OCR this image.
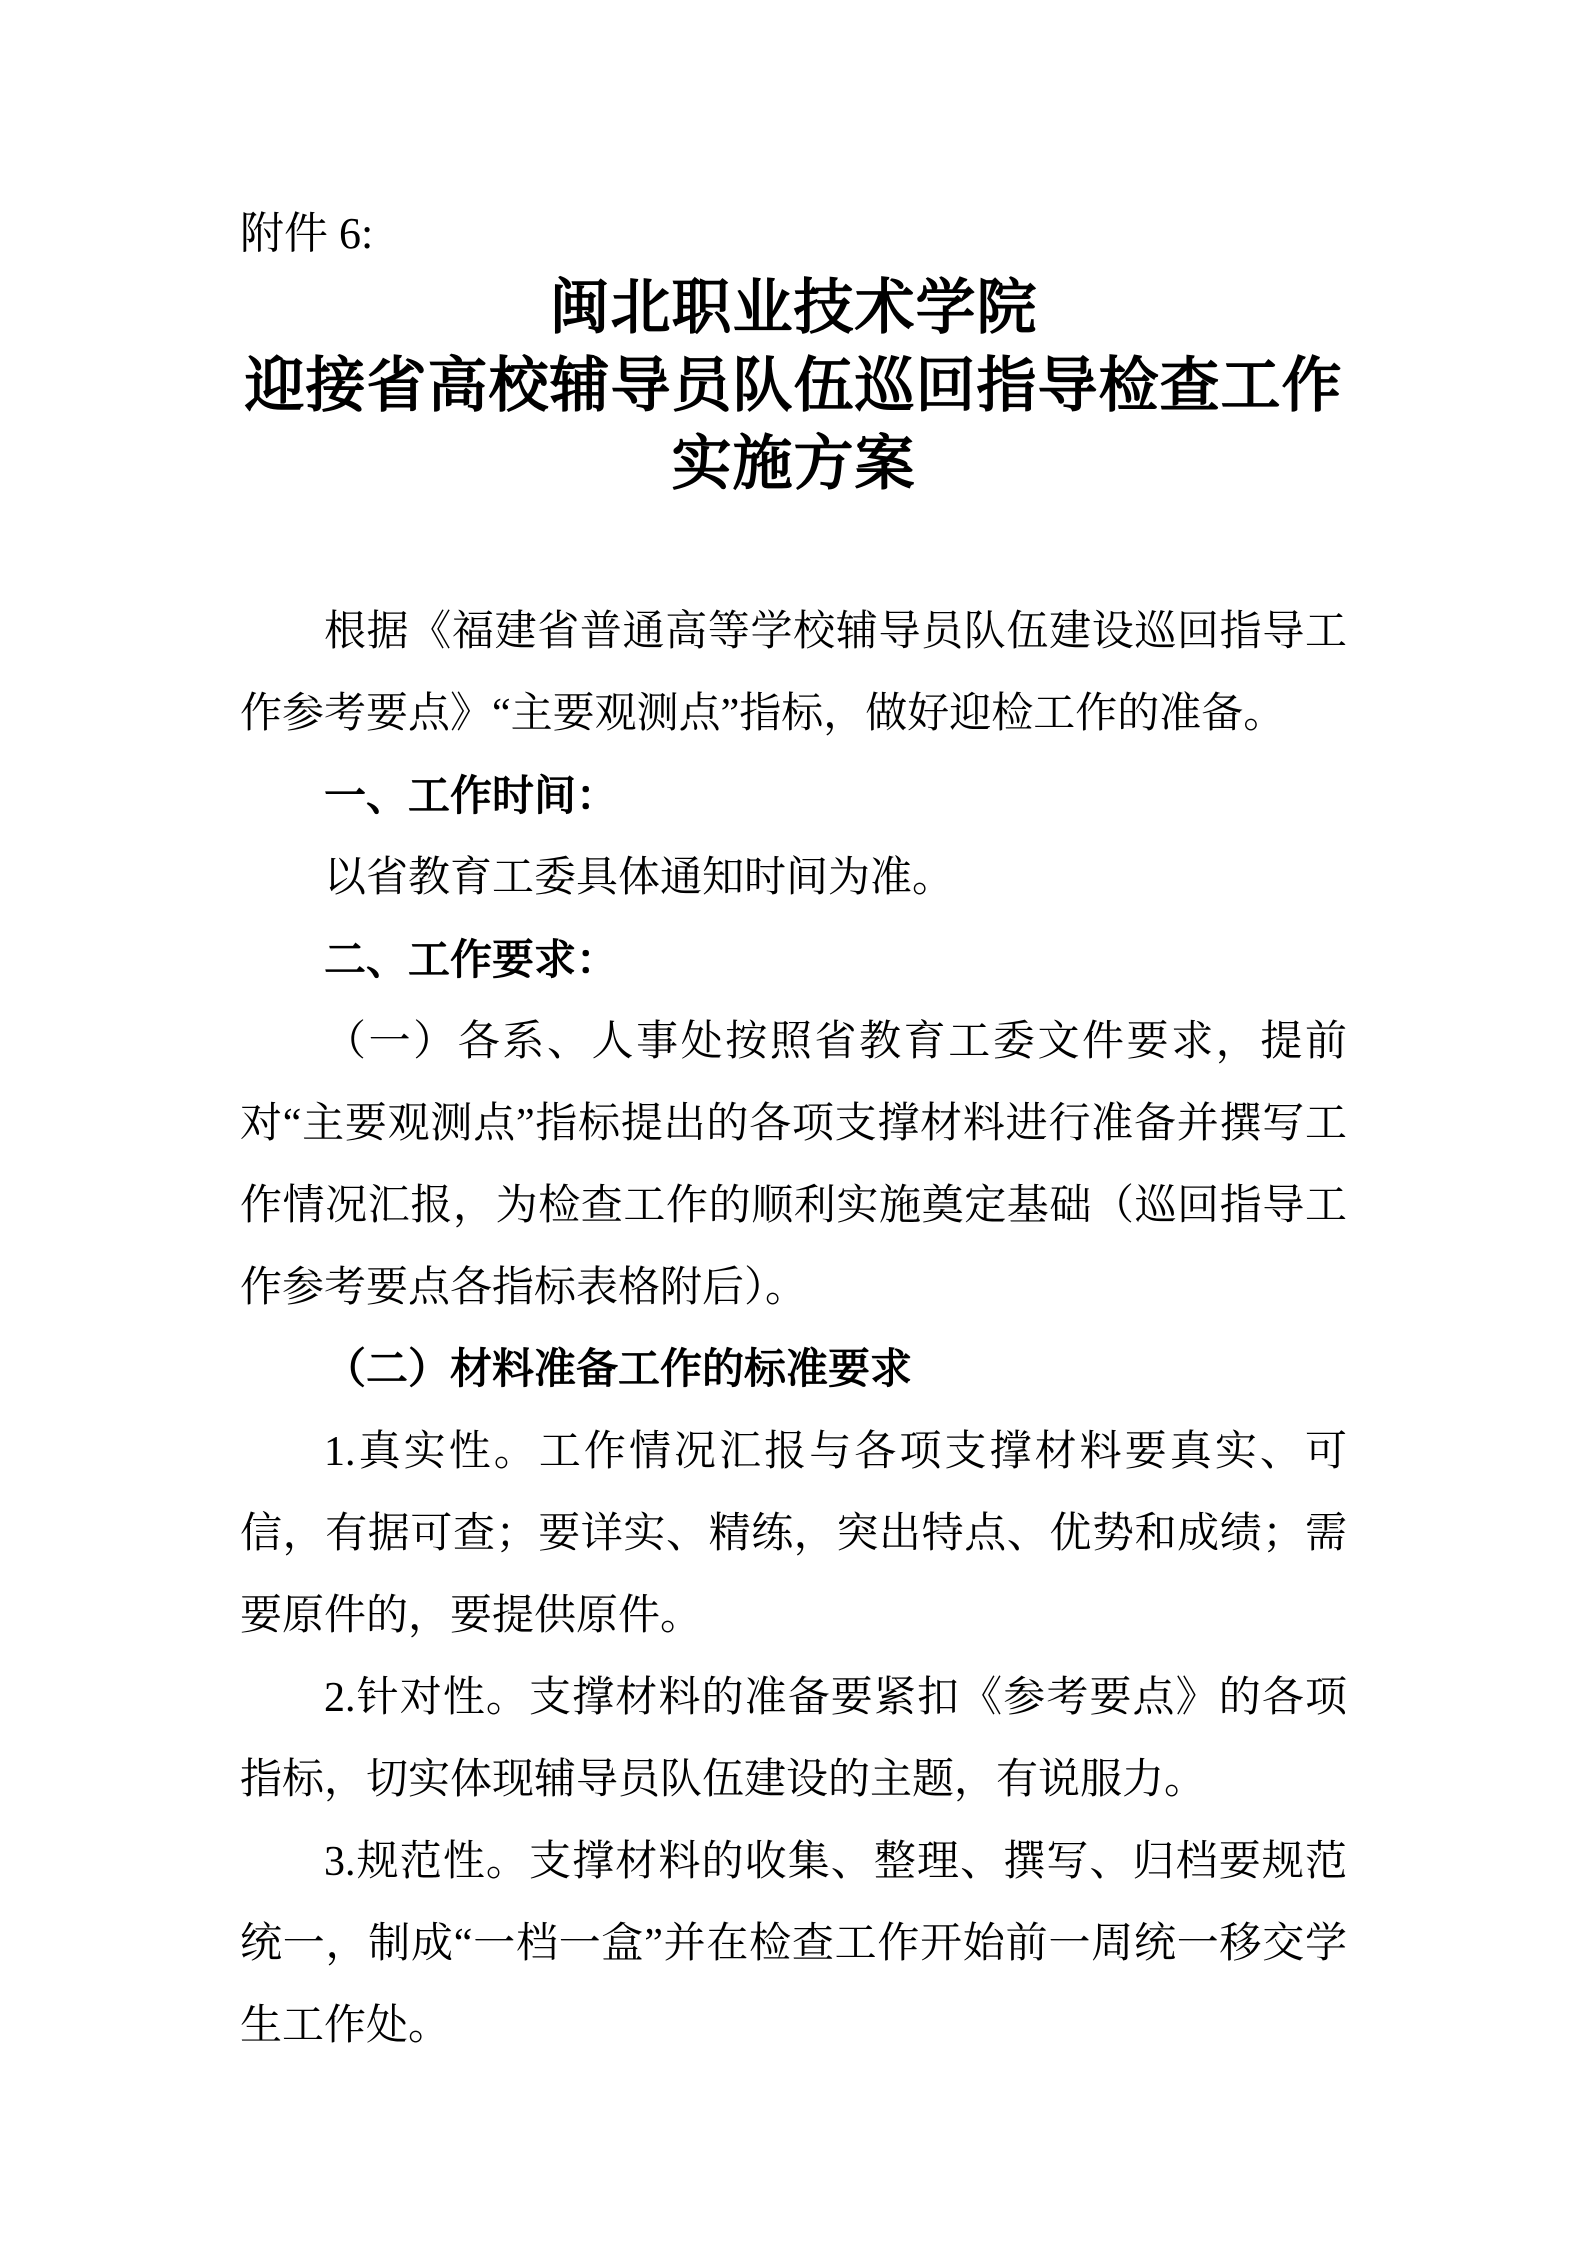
附件 6:
闽北职业技术学院
迎接省高校辅导员队伍巡回指导检查工作
实施方案

根据《福建省普通高等学校辅导员队伍建设巡回指导工作参考要点》“主要观测点”指标，做好迎检工作的准备。

一、工作时间：

以省教育工委具体通知时间为准。

二、工作要求：

（一）各系、人事处按照省教育工委文件要求，提前对“主要观测点”指标提出的各项支撑材料进行准备并撰写工作情况汇报，为检查工作的顺利实施奠定基础（巡回指导工作参考要点各指标表格附后）。

（二）材料准备工作的标准要求

1.真实性。工作情况汇报与各项支撑材料要真实、可信，有据可查；要详实、精练，突出特点、优势和成绩；需要原件的，要提供原件。

2.针对性。支撑材料的准备要紧扣《参考要点》的各项指标，切实体现辅导员队伍建设的主题，有说服力。

3.规范性。支撑材料的收集、整理、撰写、归档要规范统一，制成“一档一盒”并在检查工作开始前一周统一移交学生工作处。
